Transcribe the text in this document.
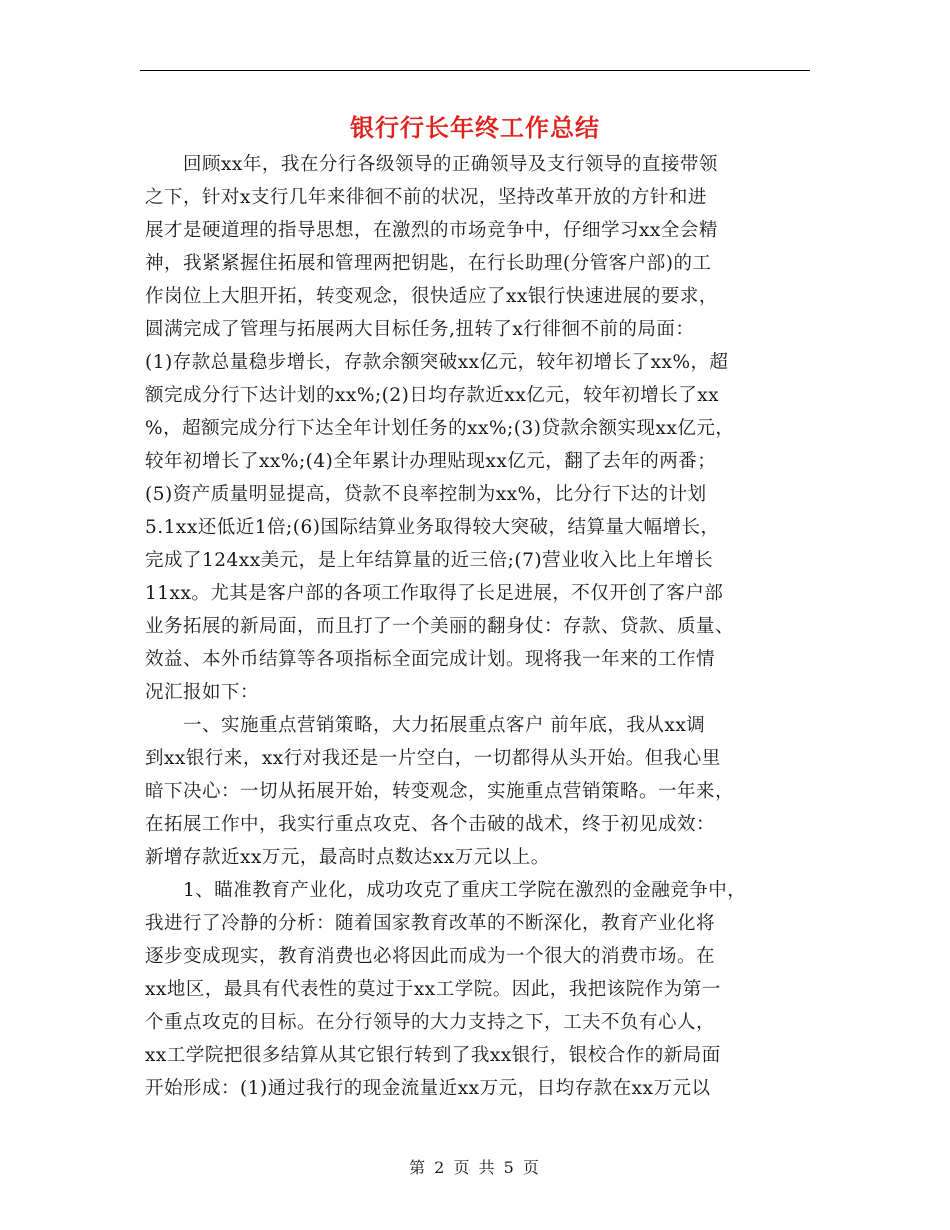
银行行长年终工作总结
　　回顾xx年，我在分行各级领导的正确领导及支行领导的直接带领
之下，针对x支行几年来徘徊不前的状况，坚持改革开放的方针和进
展才是硬道理的指导思想，在激烈的市场竞争中，仔细学习xx全会精
神，我紧紧握住拓展和管理两把钥匙，在行长助理(分管客户部)的工
作岗位上大胆开拓，转变观念，很快适应了xx银行快速进展的要求，
圆满完成了管理与拓展两大目标任务,扭转了x行徘徊不前的局面：
(1)存款总量稳步增长，存款余额突破xx亿元，较年初增长了xx%，超
额完成分行下达计划的xx%;(2)日均存款近xx亿元，较年初增长了xx
%，超额完成分行下达全年计划任务的xx%;(3)贷款余额实现xx亿元，
较年初增长了xx%;(4)全年累计办理贴现xx亿元，翻了去年的两番；
(5)资产质量明显提高，贷款不良率控制为xx%，比分行下达的计划
5.1xx还低近1倍;(6)国际结算业务取得较大突破，结算量大幅增长，
完成了124xx美元，是上年结算量的近三倍;(7)营业收入比上年增长
11xx。尤其是客户部的各项工作取得了长足进展，不仅开创了客户部
业务拓展的新局面，而且打了一个美丽的翻身仗：存款、贷款、质量、
效益、本外币结算等各项指标全面完成计划。现将我一年来的工作情
况汇报如下：
　　一、实施重点营销策略，大力拓展重点客户 前年底，我从xx调
到xx银行来，xx行对我还是一片空白，一切都得从头开始。但我心里
暗下决心：一切从拓展开始，转变观念，实施重点营销策略。一年来，
在拓展工作中，我实行重点攻克、各个击破的战术，终于初见成效：
新增存款近xx万元，最高时点数达xx万元以上。
　　1、瞄准教育产业化，成功攻克了重庆工学院在激烈的金融竞争中，
我进行了冷静的分析：随着国家教育改革的不断深化，教育产业化将
逐步变成现实，教育消费也必将因此而成为一个很大的消费市场。在
xx地区，最具有代表性的莫过于xx工学院。因此，我把该院作为第一
个重点攻克的目标。在分行领导的大力支持之下，工夫不负有心人，
xx工学院把很多结算从其它银行转到了我xx银行，银校合作的新局面
开始形成：(1)通过我行的现金流量近xx万元，日均存款在xx万元以
第 2 页 共 5 页
